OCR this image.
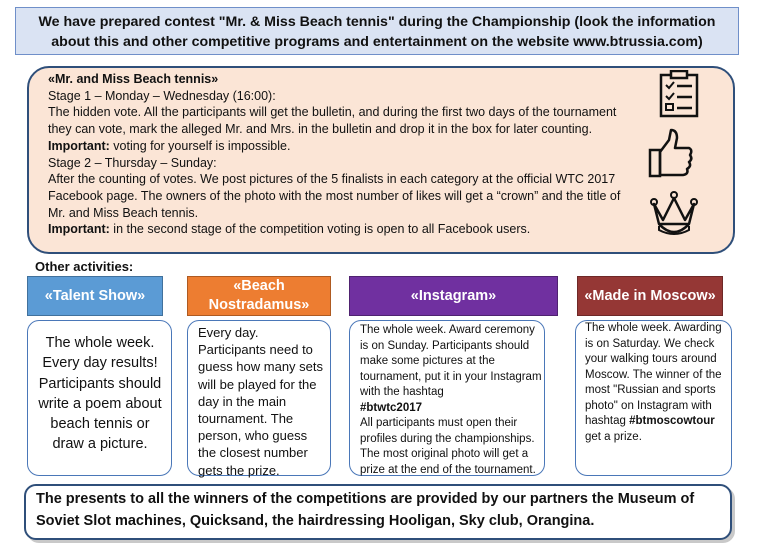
We have prepared contest "Mr. & Miss Beach tennis" during the Championship (look the information
about this and other competitive programs and entertainment on the website www.btrussia.com)

«Mr. and Miss Beach tennis»

Stage 1 – Monday – Wednesday (16:00):

The hidden vote. All the participants will get the bulletin, and during the first two days of the tournament they can vote, mark the alleged Mr. and Mrs. in the bulletin and drop it in the box for later counting.

Important: voting for yourself is impossible.

Stage 2 – Thursday – Sunday:

After the counting of votes. We post pictures of the 5 finalists in each category at the official WTC 2017 Facebook page. The owners of the photo with the most number of likes will get a “crown” and the title of Mr. and Miss Beach tennis.

Important: in the second stage of the competition voting is open to all Facebook users.

Other activities:
«Talent Show»
«Beach Nostradamus»
«Instagram»	«Made in Moscow»
The whole week. Every day results! Participants should write a poem about beach tennis or draw a picture.
Every day. Participants need to guess how many sets will be played for the day in the main tournament. The person, who guess the closest number gets the prize.
The whole week. Award ceremony is on Sunday. Participants should make some pictures at the tournament, put it in your Instagram with the hashtag
#btwtc2017
All participants must open their profiles during the championships. The most original photo will get a prize at the end of the tournament.
The whole week. Awarding is on Saturday. We check your walking tours around Moscow. The winner of the most "Russian and sports photo" on Instagram with hashtag #btmoscowtour get a prize.
The presents to all the winners of the competitions are provided by our partners the Museum of Soviet Slot machines, Quicksand, the hairdressing Hooligan, Sky club, Orangina.
